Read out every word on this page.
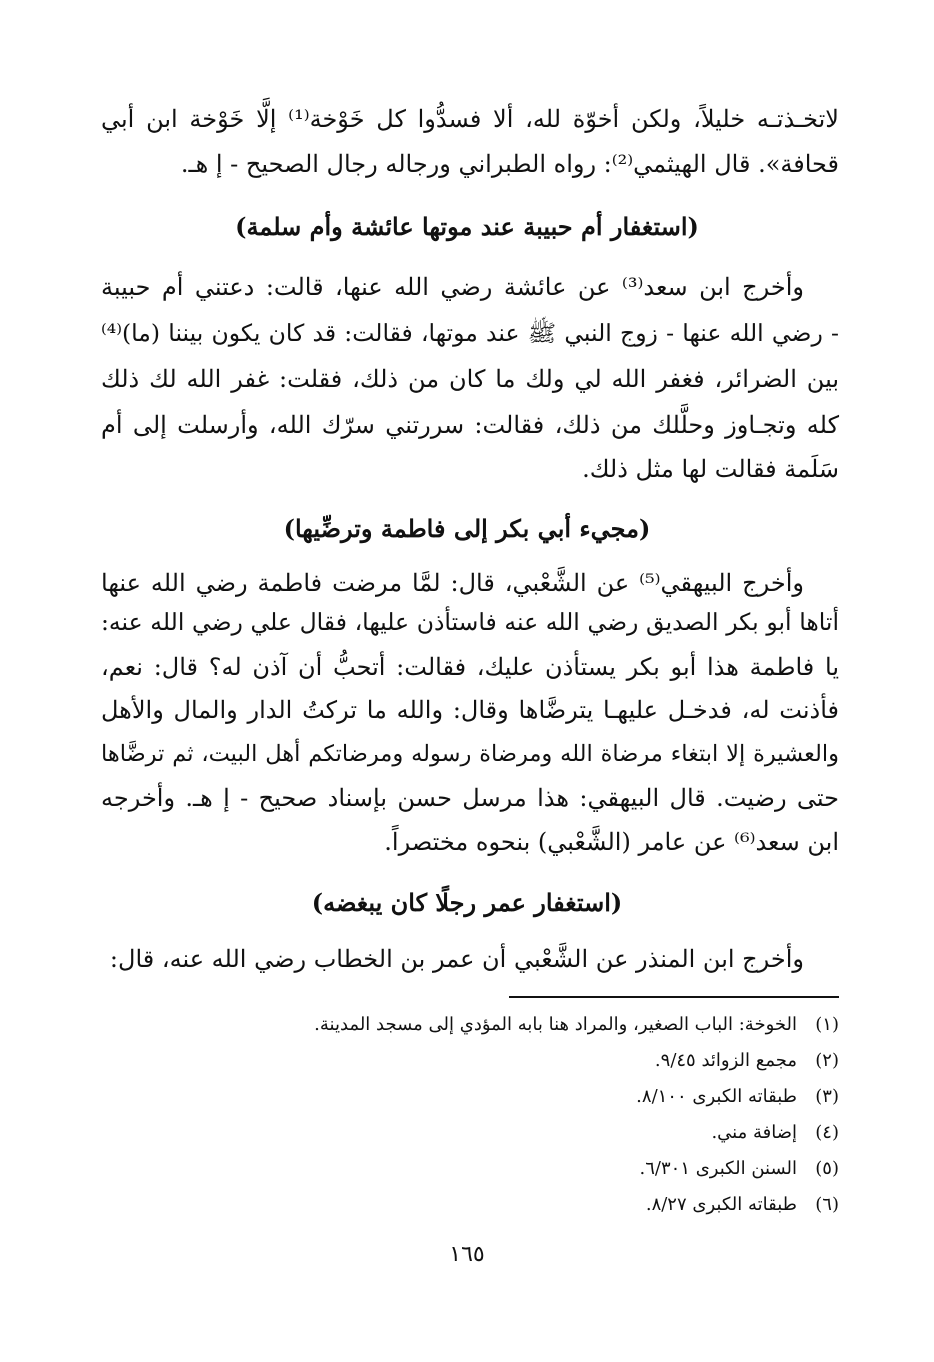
لاتخـذتـه خليلاً، ولكن أخوّة لله، ألا فسدُّوا كل خَوْخة⁽¹⁾ إلَّا خَوْخة ابن أبي
قحافة». قال الهيثمي⁽²⁾: رواه الطبراني ورجاله رجال الصحيح - إ هـ.
(استغفار أم حبيبة عند موتها عائشة وأم سلمة)
وأخرج ابن سعد⁽³⁾ عن عائشة رضي الله عنها، قالت: دعتني أم حبيبة
- رضي الله عنها - زوج النبي ﷺ عند موتها، فقالت: قد كان يكون بيننا (ما)⁽⁴⁾
بين الضرائر، فغفر الله لي ولك ما كان من ذلك، فقلت: غفر الله لك ذلك
كله وتجـاوز وحلَّلك من ذلك، فقالت: سررتني سرّك الله، وأرسلت إلى أم
سَلَمة فقالت لها مثل ذلك.
(مجيء أبي بكر إلى فاطمة وترضِّيها)
وأخرج البيهقي⁽⁵⁾ عن الشَّعْبي، قال: لمَّا مرضت فاطمة رضي الله عنها
أتاها أبو بكر الصديق رضي الله عنه فاستأذن عليها، فقال علي رضي الله عنه:
يا فاطمة هذا أبو بكر يستأذن عليك، فقالت: أتحبُّ أن آذن له؟ قال: نعم،
فأذنت له، فدخـل عليهـا يترضَّاها وقال: والله ما تركتُ الدار والمال والأهل
والعشيرة إلا ابتغاء مرضاة الله ومرضاة رسوله ومرضاتكم أهل البيت، ثم ترضَّاها
حتى رضيت. قال البيهقي: هذا مرسل حسن بإسناد صحيح - إ هـ. وأخرجه
ابن سعد⁽⁶⁾ عن عامر (الشَّعْبي) بنحوه مختصراً.
(استغفار عمر رجلًا كان يبغضه)
وأخرج ابن المنذر عن الشَّعْبي أن عمر بن الخطاب رضي الله عنه، قال:
(١)الخوخة: الباب الصغير، والمراد هنا بابه المؤدي إلى مسجد المدينة.
(٢)مجمع الزوائد ٩/٤٥.
(٣)طبقاته الكبرى ٨/١٠٠.
(٤)إضافة مني.
(٥)السنن الكبرى ٦/٣٠١.
(٦)طبقاته الكبرى ٨/٢٧.
١٦٥
